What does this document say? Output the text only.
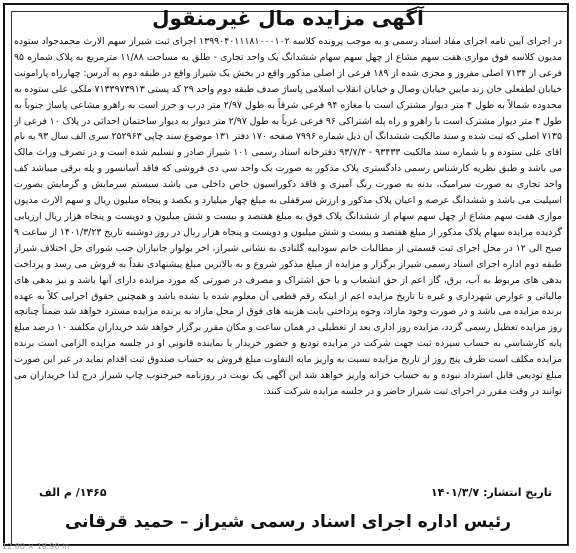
آگهی مزایده مال غیرمنقول

در اجرای آیین نامه اجرای مفاد اسناد رسمی و به موجب پرونده کلاسه ۱۳۹۹۰۴۰۱۱۱۸۱۰۰۰۱۰۲ اجرای ثبت شیراز سهم الارث محمدجواد ستوده مدیون کلاسه فوق موازی هفت سهم مشاع از چهل سهم سهام ششدانگ یک واحد تجاری - طلق به مساحت ۱۱/۸۸ مترمربع به پلاک شماره ۹۵ فرعی از ۷۱۳۴ اصلی مفروز و مجزی شده از ۱۸۹ فرعی از اصلی مذکور واقع در بخش یک شیراز واقع در طبقه دوم به آدرس: چهارراه پارامونت خیابان لطفعلی خان زند مابین خیابان وصال و خیابان انقلاب اسلامی پاساژ صدف طبقه دوم واحد ۲۹ کد پستی ۷۱۳۳۹۷۳۹۱۳ ملکی علی ستوده به محدوده شمالاً به طول ۴ متر دیوار مشترک است با مغازه ۹۴ فرعی شرقاً به طول ۲/۹۷ متر درب و حرز است به راهرو مشاعی پاساژ جنوباً به طول ۴ متر دیوار مشترک است با راهرو و راه پله اشتراکی ۹۶ فرعی غرباً به طول ۲/۹۷ متر دیوار به دیوار ساختمان احداثی در پلاک ۱۰ فرعی از ۷۱۳۵ اصلی که ثبت شده و سند مالکیت ششدانگ آن ذیل شماره ۷۹۹۶ صفحه ۱۷۰ دفتر ۱۳۱ موضوع سند چاپی ۲۵۲۹۶۳ سری الف سال ۹۳ به نام اقای علی ستوده و با شماره سند مالکیت ۹۳۴۳۳ - ۹۳/۷/۳ دفترخانه اسناد رسمی ۱۰۱ شیراز صادر و تسلیم شده است و در تصرف وراث مالک می باشد و طبق نظریه کارشناس رسمی دادگستری پلاک مذکور به صورت یک واحد سی دی فروشی که فاقد آسانسور و پله برقی میباشد کف واحد تجاری به صورت سرامیک، بدنه به صورت رنگ آمیزی و فاقد دکوراسیون خاص داخلی می باشد سیستم سرمایش و گرمایش بصورت اسپلیت می باشد و ششدانگ عرصه و اعیان پلاک مذکور و ارزش سرقفلی به مبلغ چهار میلیارد و یکصد و پنجاه میلیون ریال و سهم الارث مدیون موازی هفت سهم مشاع از چهل سهم سهام از ششدانگ پلاک فوق به مبلغ هفتصد و بیست و شش میلیون و دویست و پنجاه هزار ریال ارزیابی گردیده مزایده سهام پلاک مذکور از مبلغ هفتصد و بیست و شش میلیون و دویست و پنجاه هزار ریال در روز دوشنبه تاریخ ۱۴۰۱/۳/۲۳ از ساعت ۹ صبح الی ۱۲ در محل اجرای ثبت قسمتی از مطالبات خانم سوداییه گلنادی به نشانی شیراز، اخر بولوار جانبازان جنب شورای حل اختلاف شیراز طبقه دوم اداره اجرای اسناد رسمی شیراز برگزار و مزایده از مبلغ مذکور شروع و به بالاترین مبلغ پیشنهادی نقداً به فروش می رسد و پرداخت بدهی های مربوط به آب، برق، گاز اعم از حق انشعاب و یا حق اشتراک و مصرف در صورتی که مورد مزایده دارای آنها باشد و نیز بدهی های مالیاتی و عوارض شهرداری و غیره تا تاریخ مزایده اعم از اینکه رقم قطعی آن معلوم شده یا نشده باشد و همچنین حقوق اجرایی کلاً به عهده برنده مزایده می باشد و در صورت وجود مازاد، وجوه پرداختی بابت هزینه های فوق از محل مازاد به برنده مزایده مسترد خواهد شد ضمناً چنانچه روز مزایده تعطیل رسمی گردد، مزایده روز اداری بعد از تعطیلی در همان ساعت و مکان مقرر برگزار خواهد شد خریداران مکلفند ۱۰ درصد مبلغ پایه کارشناسی به حساب سپرده ثبت جهت شرکت در مزایده تودیع و حضور خریدار یا نماینده قانونی او در جلسه مزایده الزامی است برنده مزایده مکلف است ظرف پنج روز از تاریخ مزایده نسبت به واریز مابه التفاوت مبلغ فروش به حساب صندوق ثبت اقدام نماید در غیر این صورت مبلغ تودیعی قابل استرداد نبوده و به حساب خزانه واریز خواهد شد این آگهی یک نوبت در روزنامه خبرجنوب چاپ شیراز درج لذا خریداران می توانند در وقت مقرر در اجرای ثبت شیراز حاضر و در جلسه مزایده شرکت کنند.

تاریخ انتشار: ۱۴۰۱/۳/۷
۱۴۶۵/ م الف
رئیس اداره اجرای اسناد رسمی شیراز – حمید قرقانی
12.80 × 18.90 in
